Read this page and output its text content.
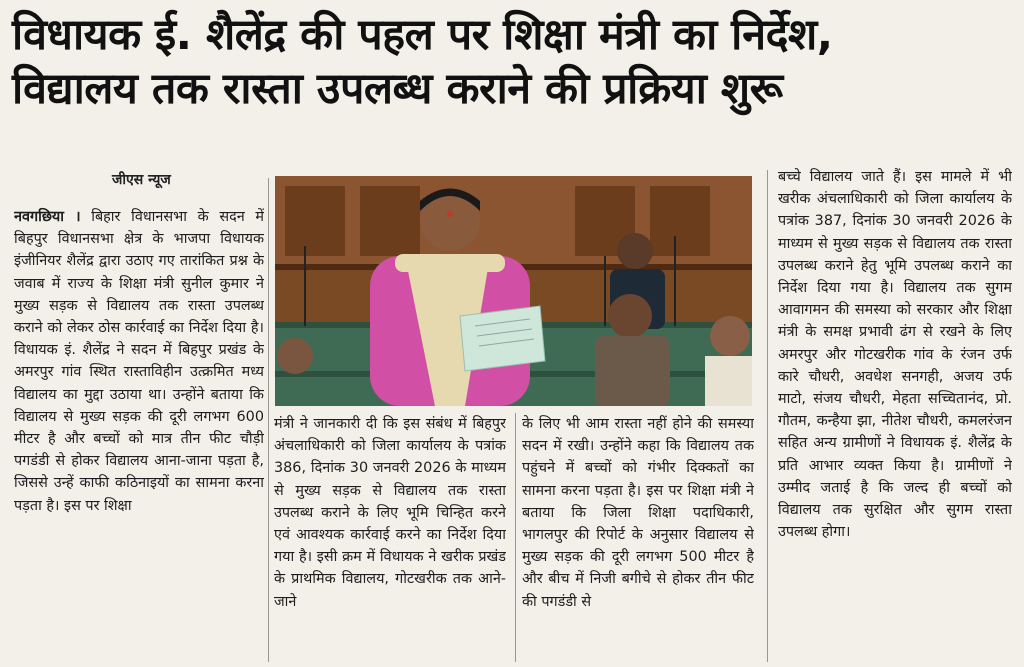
विधायक ई. शैलेंद्र की पहल पर शिक्षा मंत्री का निर्देश,
विद्यालय तक रास्ता उपलब्ध कराने की प्रक्रिया शुरू
जीएस न्यूज
नवगछिया । बिहार विधानसभा के सदन में बिहपुर विधानसभा क्षेत्र के भाजपा विधायक इंजीनियर शैलेंद्र द्वारा उठाए गए तारांकित प्रश्न के जवाब में राज्य के शिक्षा मंत्री सुनील कुमार ने मुख्य सड़क से विद्यालय तक रास्ता उपलब्ध कराने को लेकर ठोस कार्रवाई का निर्देश दिया है। विधायक इं. शैलेंद्र ने सदन में बिहपुर प्रखंड के अमरपुर गांव स्थित रास्ताविहीन उत्क्रमित मध्य विद्यालय का मुद्दा उठाया था। उन्होंने बताया कि विद्यालय से मुख्य सड़क की दूरी लगभग 600 मीटर है और बच्चों को मात्र तीन फीट चौड़ी पगडंडी से होकर विद्यालय आना-जाना पड़ता है, जिससे उन्हें काफी कठिनाइयों का सामना करना पड़ता है। इस पर शिक्षा
मंत्री ने जानकारी दी कि इस संबंध में बिहपुर अंचलाधिकारी को जिला कार्यालय के पत्रांक 386, दिनांक 30 जनवरी 2026 के माध्यम से मुख्य सड़क से विद्यालय तक रास्ता उपलब्ध कराने के लिए भूमि चिन्हित करने एवं आवश्यक कार्रवाई करने का निर्देश दिया गया है। इसी क्रम में विधायक ने खरीक प्रखंड के प्राथमिक विद्यालय, गोटखरीक तक आने-जाने
के लिए भी आम रास्ता नहीं होने की समस्या सदन में रखी। उन्होंने कहा कि विद्यालय तक पहुंचने में बच्चों को गंभीर दिक्कतों का सामना करना पड़ता है। इस पर शिक्षा मंत्री ने बताया कि जिला शिक्षा पदाधिकारी, भागलपुर की रिपोर्ट के अनुसार विद्यालय से मुख्य सड़क की दूरी लगभग 500 मीटर है और बीच में निजी बगीचे से होकर तीन फीट की पगडंडी से
बच्चे विद्यालय जाते हैं। इस मामले में भी खरीक अंचलाधिकारी को जिला कार्यालय के पत्रांक 387, दिनांक 30 जनवरी 2026 के माध्यम से मुख्य सड़क से विद्यालय तक रास्ता उपलब्ध कराने हेतु भूमि उपलब्ध कराने का निर्देश दिया गया है। विद्यालय तक सुगम आवागमन की समस्या को सरकार और शिक्षा मंत्री के समक्ष प्रभावी ढंग से रखने के लिए अमरपुर और गोटखरीक गांव के रंजन उर्फ कारे चौधरी, अवधेश सनगही, अजय उर्फ माटो, संजय चौधरी, मेहता सच्चितानंद, प्रो. गौतम, कन्हैया झा, नीतेश चौधरी, कमलरंजन सहित अन्य ग्रामीणों ने विधायक इं. शैलेंद्र के प्रति आभार व्यक्त किया है। ग्रामीणों ने उम्मीद जताई है कि जल्द ही बच्चों को विद्यालय तक सुरक्षित और सुगम रास्ता उपलब्ध होगा।
